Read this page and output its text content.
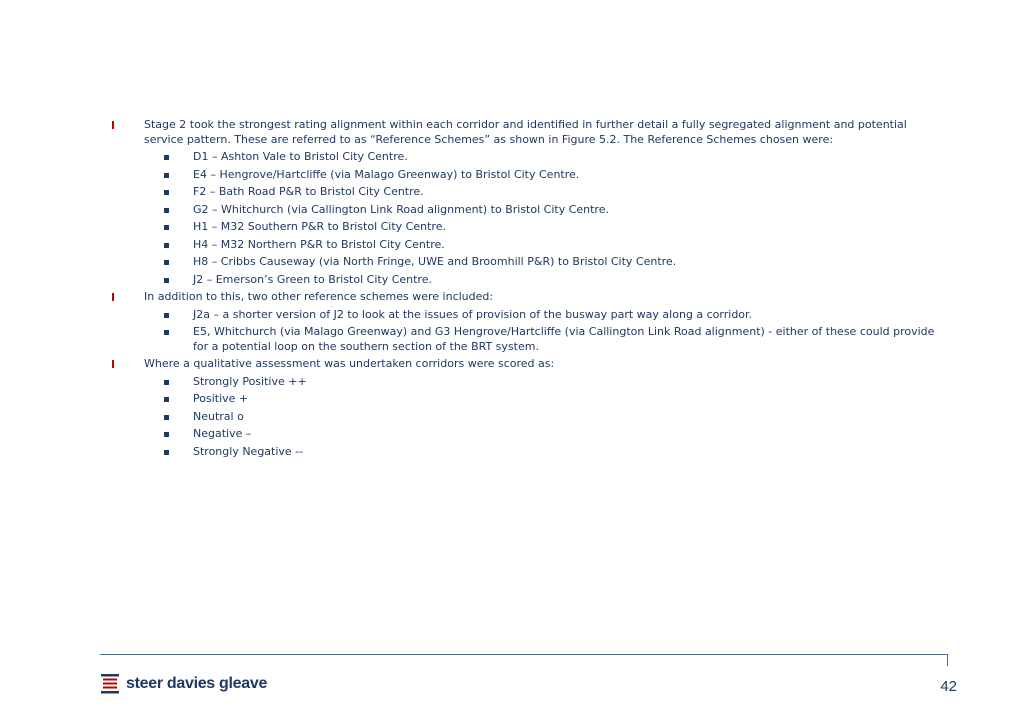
Stage 2 took the strongest rating alignment within each corridor and identified in further detail a fully segregated alignment and potential service pattern. These are referred to as “Reference Schemes” as shown in Figure 5.2. The Reference Schemes chosen were:
D1 – Ashton Vale to Bristol City Centre.
E4 – Hengrove/Hartcliffe (via Malago Greenway) to Bristol City Centre.
F2 – Bath Road P&R to Bristol City Centre.
G2 – Whitchurch (via Callington Link Road alignment) to Bristol City Centre.
H1 – M32 Southern P&R to Bristol City Centre.
H4 – M32 Northern P&R to Bristol City Centre.
H8 – Cribbs Causeway (via North Fringe, UWE and Broomhill P&R) to Bristol City Centre.
J2 – Emerson’s Green to Bristol City Centre.
In addition to this, two other reference schemes were included:
J2a – a shorter version of J2 to look at the issues of provision of the busway part way along a corridor.
E5, Whitchurch (via Malago Greenway) and G3 Hengrove/Hartcliffe (via Callington Link Road alignment) - either of these could provide for a potential loop on the southern section of the BRT system.
Where a qualitative assessment was undertaken corridors were scored as:
Strongly Positive ++
Positive +
Neutral o
Negative –
Strongly Negative --
steer davies gleave	42
